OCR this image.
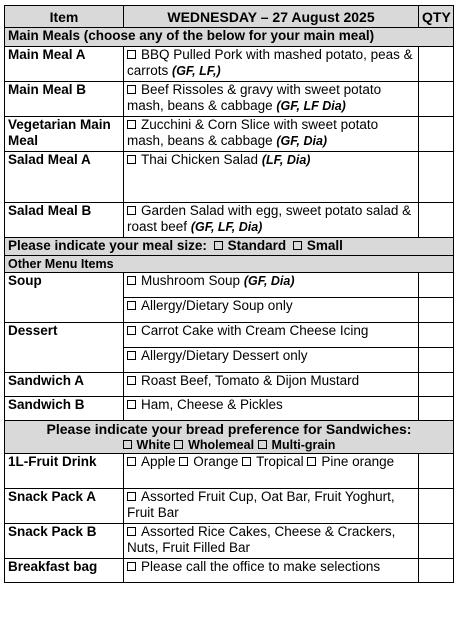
Item	WEDNESDAY – 27 August 2025	QTY
Main Meals (choose any of the below for your main meal)		
Main Meal A	BBQ Pulled Pork with mashed potato, peas & carrots (GF, LF,)	
Main Meal B	Beef Rissoles & gravy with sweet potato mash, beans & cabbage (GF, LF Dia)	
Vegetarian Main Meal	Zucchini & Corn Slice with sweet potato mash, beans & cabbage (GF, Dia)	
Salad Meal A	Thai Chicken Salad (LF, Dia)	
Salad Meal B	Garden Salad with egg, sweet potato salad & roast beef (GF, LF, Dia)	
Please indicate your meal size: Standard Small		
Other Menu Items		
Soup	Mushroom Soup (GF, Dia)	
	Allergy/Dietary Soup only	
Dessert	Carrot Cake with Cream Cheese Icing	
	Allergy/Dietary Dessert only	
Sandwich A	Roast Beef, Tomato & Dijon Mustard	
Sandwich B	Ham, Cheese & Pickles	

Please indicate your bread preference for Sandwiches:
White Wholemeal Multi-grain		

1L-Fruit Drink	Apple Orange Tropical Pine orange	
Snack Pack A	Assorted Fruit Cup, Oat Bar, Fruit Yoghurt, Fruit Bar	
Snack Pack B	Assorted Rice Cakes, Cheese & Crackers, Nuts, Fruit Filled Bar	
Breakfast bag	Please call the office to make selections	
